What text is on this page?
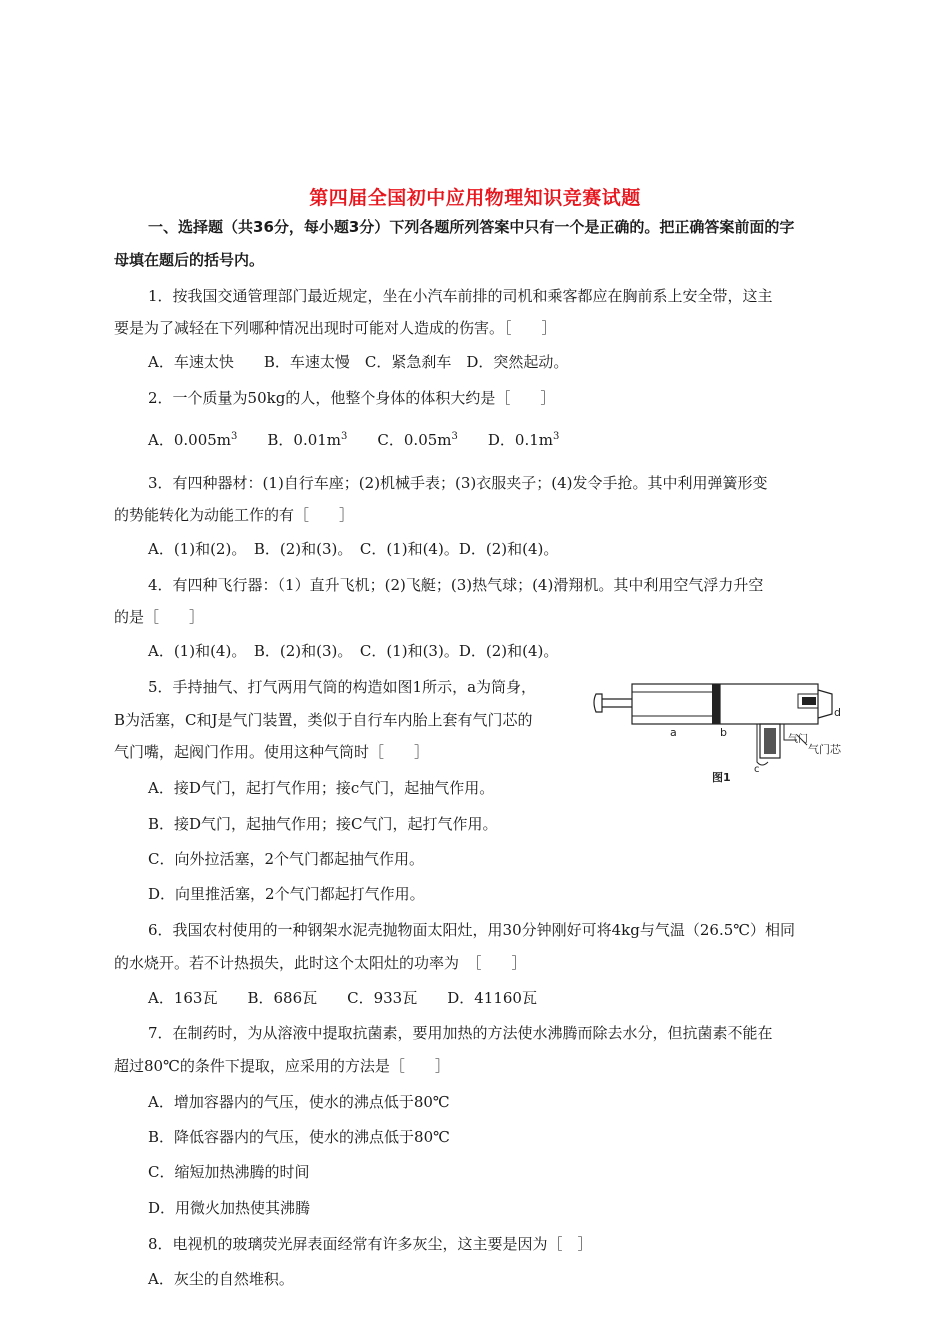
第四届全国初中应用物理知识竞赛试题
一、选择题（共36分，每小题3分）下列各题所列答案中只有一个是正确的。把正确答案前面的字
母填在题后的括号内。
1．按我国交通管理部门最近规定，坐在小汽车前排的司机和乘客都应在胸前系上安全带，这主
要是为了减轻在下列哪种情况出现时可能对人造成的伤害。［　　］
A．车速太快　　B．车速太慢　C．紧急刹车　D．突然起动。
2．一个质量为50kg的人，他整个身体的体积大约是［　　］
A．$0.005m^3$ B．$0.01m^3$ C．$0.05m^3$ D．$0.1m^3$
3．有四种器材：(1)自行车座；(2)机械手表；(3)衣服夹子；(4)发令手抢。其中利用弹簧形变
的势能转化为动能工作的有［　　］
A．(1)和(2)。　B．(2)和(3)。　C．(1)和(4)。D．(2)和(4)。
4．有四种飞行器：（1）直升飞机；(2)飞艇；(3)热气球；(4)滑翔机。其中利用空气浮力升空
的是［　　］
A．(1)和(4)。　B．(2)和(3)。　C．(1)和(3)。D．(2)和(4)。
5．手持抽气、打气两用气筒的构造如图1所示，a为筒身，
B为活塞，C和J是气门装置，类似于自行车内胎上套有气门芯的
气门嘴，起阀门作用。使用这种气筒时［　　］
A．接D气门，起打气作用；接c气门，起抽气作用。
B．接D气门，起抽气作用；接C气门，起打气作用。
C．向外拉活塞，2个气门都起抽气作用。
D．向里推活塞，2个气门都起打气作用。
a	b
c
d
气门
气门芯
图1
6．我国农村使用的一种钢架水泥壳抛物面太阳灶，用30分钟刚好可将4kg与气温（26.5℃）相同
的水烧开。若不计热损失，此时这个太阳灶的功率为　［　　］
A．163瓦　　B．686瓦　　C．933瓦　　D．41160瓦
7．在制药时，为从溶液中提取抗菌素，要用加热的方法使水沸腾而除去水分，但抗菌素不能在
超过80℃的条件下提取，应采用的方法是［　　］
A．增加容器内的气压，使水的沸点低于80℃
B．降低容器内的气压，使水的沸点低于80℃
C．缩短加热沸腾的时间
D．用微火加热使其沸腾
8．电视机的玻璃荧光屏表面经常有许多灰尘，这主要是因为［　］
A．灰尘的自然堆积。
